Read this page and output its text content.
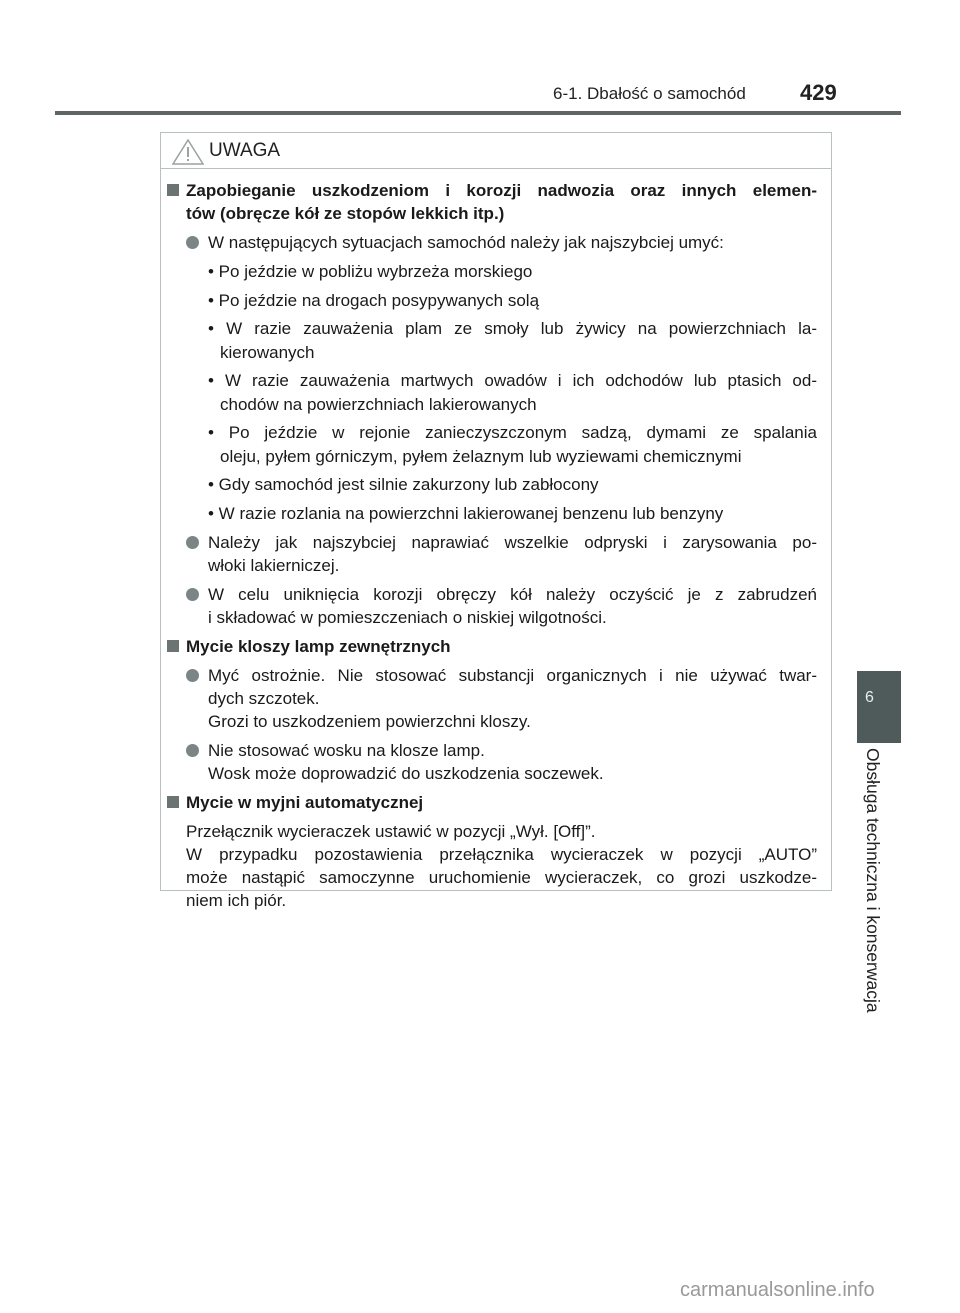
6-1. Dbałość o samochód 429
UWAGA
Zapobieganie uszkodzeniom i korozji nadwozia oraz innych elemen-
tów (obręcze kół ze stopów lekkich itp.)
W następujących sytuacjach samochód należy jak najszybciej umyć:
• Po jeździe w pobliżu wybrzeża morskiego
• Po jeździe na drogach posypywanych solą
• W razie zauważenia plam ze smoły lub żywicy na powierzchniach la-
kierowanych
• W razie zauważenia martwych owadów i ich odchodów lub ptasich od-
chodów na powierzchniach lakierowanych
• Po jeździe w rejonie zanieczyszczonym sadzą, dymami ze spalania
oleju, pyłem górniczym, pyłem żelaznym lub wyziewami chemicznymi
• Gdy samochód jest silnie zakurzony lub zabłocony
• W razie rozlania na powierzchni lakierowanej benzenu lub benzyny
Należy jak najszybciej naprawiać wszelkie odpryski i zarysowania po-
włoki lakierniczej.
W celu uniknięcia korozji obręczy kół należy oczyścić je z zabrudzeń
i składować w pomieszczeniach o niskiej wilgotności.
Mycie kloszy lamp zewnętrznych
Myć ostrożnie. Nie stosować substancji organicznych i nie używać twar-
dych szczotek.
Grozi to uszkodzeniem powierzchni kloszy.
Nie stosować wosku na klosze lamp.
Wosk może doprowadzić do uszkodzenia soczewek.
Mycie w myjni automatycznej
Przełącznik wycieraczek ustawić w pozycji „Wył. [Off]”.
W przypadku pozostawienia przełącznika wycieraczek w pozycji „AUTO”
może nastąpić samoczynne uruchomienie wycieraczek, co grozi uszkodze-
niem ich piór.
6
Obsługa techniczna i konserwacja
carmanualsonline.info
